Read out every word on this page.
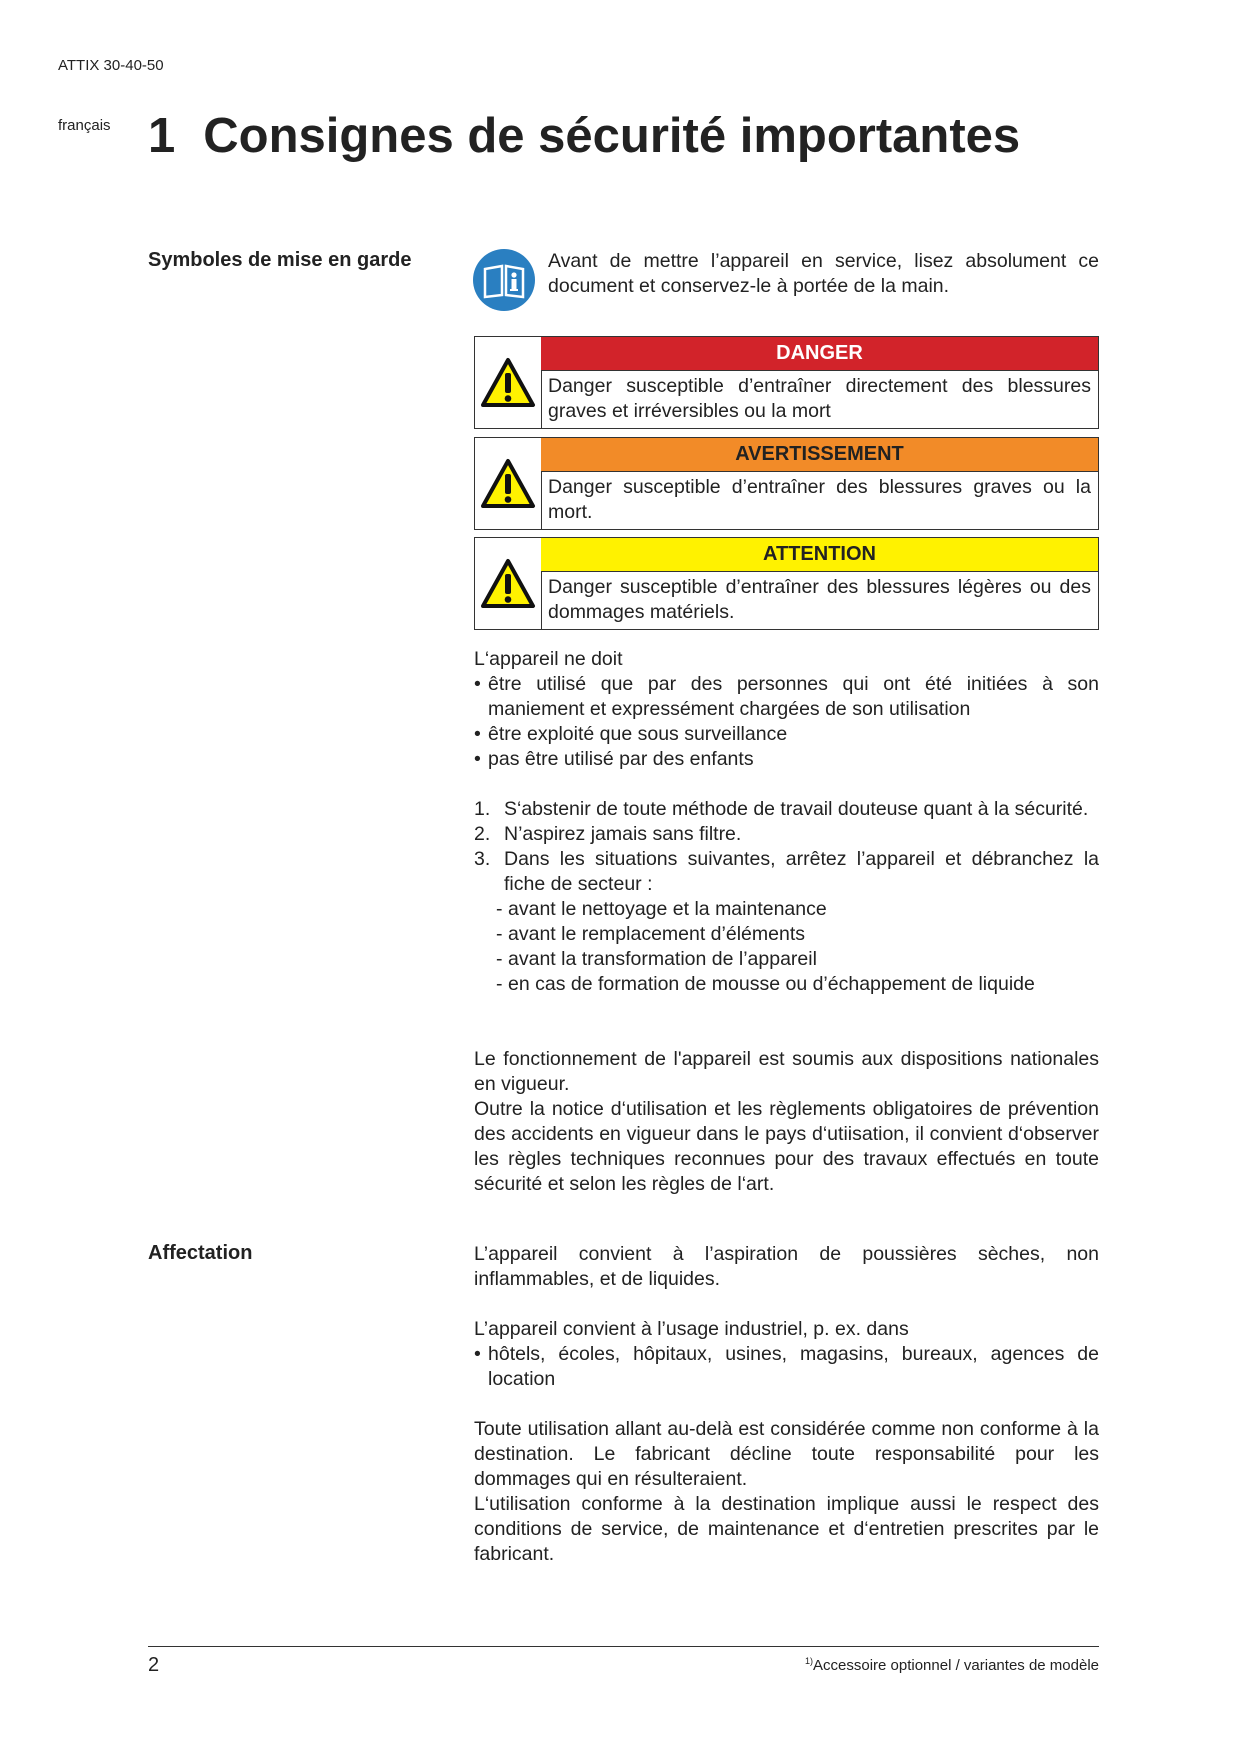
ATTIX 30-40-50
français 1 Consignes de sécurité importantes
Symboles de mise en garde	Avant de mettre l’appareil en service, lisez absolument ce document et conservez-le à portée de la main.
DANGER
Danger susceptible d’entraîner directement des blessures graves et irréversibles ou la mort
AVERTISSEMENT
Danger susceptible d’entraîner des blessures graves ou la mort.
ATTENTION
Danger susceptible d’entraîner des blessures légères ou des dommages matériels.
L‘appareil ne doit
• être utilisé que par des personnes qui ont été initiées à son maniement et expressément chargées de son utilisation
• être exploité que sous surveillance
• pas être utilisé par des enfants
1. S‘abstenir de toute méthode de travail douteuse quant à la sécurité.
2. N’aspirez jamais sans filtre.
3. Dans les situations suivantes, arrêtez l’appareil et débranchez la fiche de secteur :
- avant le nettoyage et la maintenance
- avant le remplacement d’éléments
- avant la transformation de l’appareil
- en cas de formation de mousse ou d’échappement de liquide
Le fonctionnement de l'appareil est soumis aux dispositions nationales en vigueur.
Outre la notice d‘utilisation et les règlements obligatoires de prévention des accidents en vigueur dans le pays d‘utiisation, il convient d‘observer les règles techniques reconnues pour des travaux effectués en toute sécurité et selon les règles de l‘art.
Affectation	L’appareil convient à l’aspiration de poussières sèches, non inflammables, et de liquides.
L’appareil convient à l’usage industriel, p. ex. dans
• hôtels, écoles, hôpitaux, usines, magasins, bureaux, agences de location
Toute utilisation allant au-delà est considérée comme non conforme à la destination. Le fabricant décline toute responsabilité pour les dommages qui en résulteraient.
L‘utilisation conforme à la destination implique aussi le respect des conditions de service, de maintenance et d‘entretien prescrites par le fabricant.
2	$^{1)}$Accessoire optionnel / variantes de modèle
